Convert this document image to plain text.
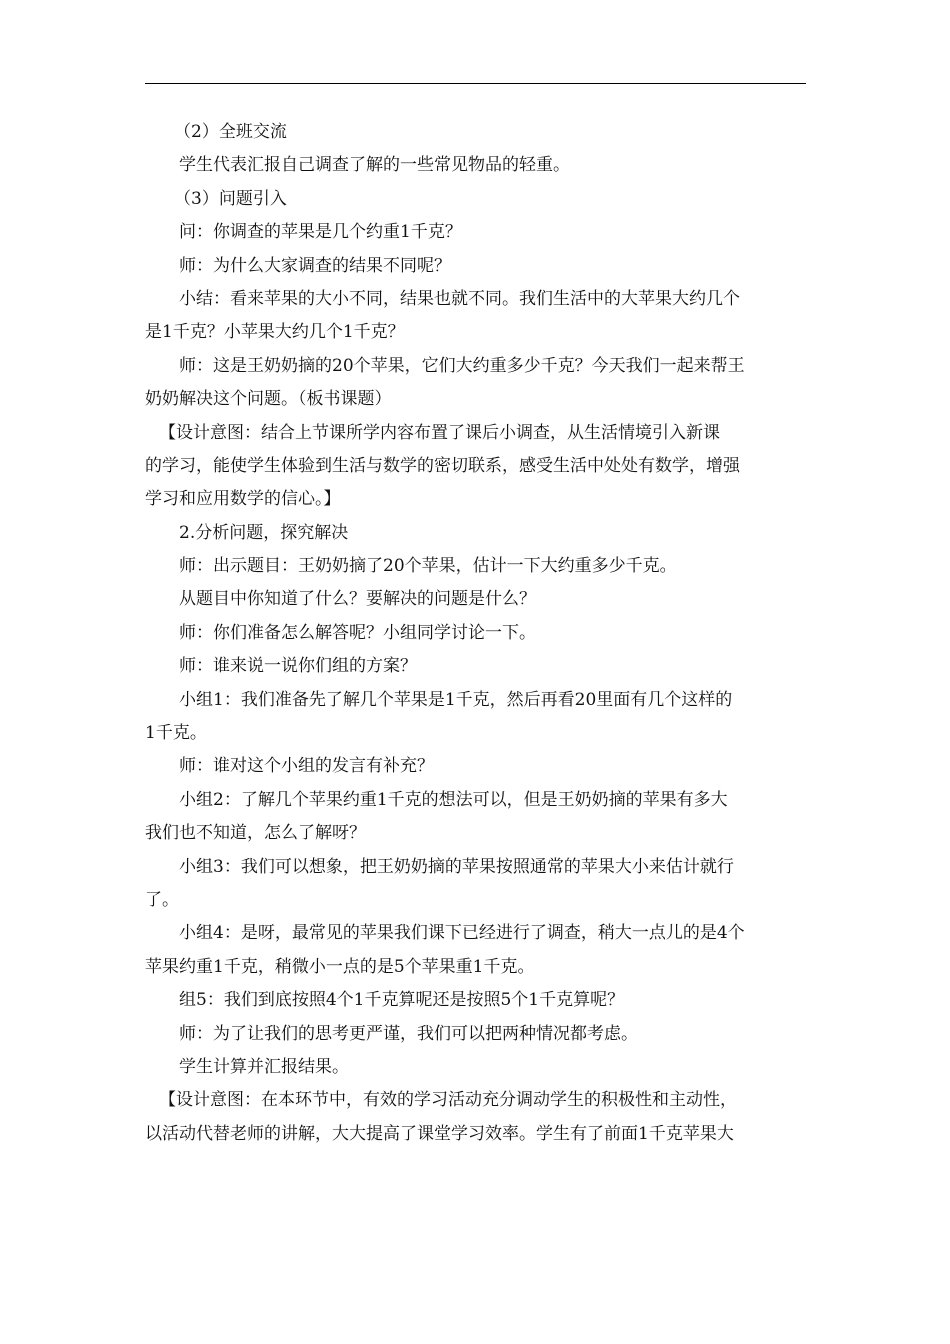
（2）全班交流
学生代表汇报自己调查了解的一些常见物品的轻重。
（3）问题引入
问：你调查的苹果是几个约重1千克？
师：为什么大家调查的结果不同呢？
小结：看来苹果的大小不同，结果也就不同。我们生活中的大苹果大约几个
是1千克？小苹果大约几个1千克？
师：这是王奶奶摘的20个苹果，它们大约重多少千克？今天我们一起来帮王
奶奶解决这个问题。（板书课题）
【设计意图：结合上节课所学内容布置了课后小调查，从生活情境引入新课
的学习，能使学生体验到生活与数学的密切联系，感受生活中处处有数学，增强
学习和应用数学的信心。】
2.分析问题，探究解决
师：出示题目：王奶奶摘了20个苹果，估计一下大约重多少千克。
从题目中你知道了什么？要解决的问题是什么？
师：你们准备怎么解答呢？小组同学讨论一下。
师：谁来说一说你们组的方案？
小组1：我们准备先了解几个苹果是1千克，然后再看20里面有几个这样的
1千克。
师：谁对这个小组的发言有补充？
小组2：了解几个苹果约重1千克的想法可以，但是王奶奶摘的苹果有多大
我们也不知道，怎么了解呀？
小组3：我们可以想象，把王奶奶摘的苹果按照通常的苹果大小来估计就行
了。
小组4：是呀，最常见的苹果我们课下已经进行了调查，稍大一点儿的是4个
苹果约重1千克，稍微小一点的是5个苹果重1千克。
组5：我们到底按照4个1千克算呢还是按照5个1千克算呢？
师：为了让我们的思考更严谨，我们可以把两种情况都考虑。
学生计算并汇报结果。
【设计意图：在本环节中，有效的学习活动充分调动学生的积极性和主动性，
以活动代替老师的讲解，大大提高了课堂学习效率。学生有了前面1千克苹果大
